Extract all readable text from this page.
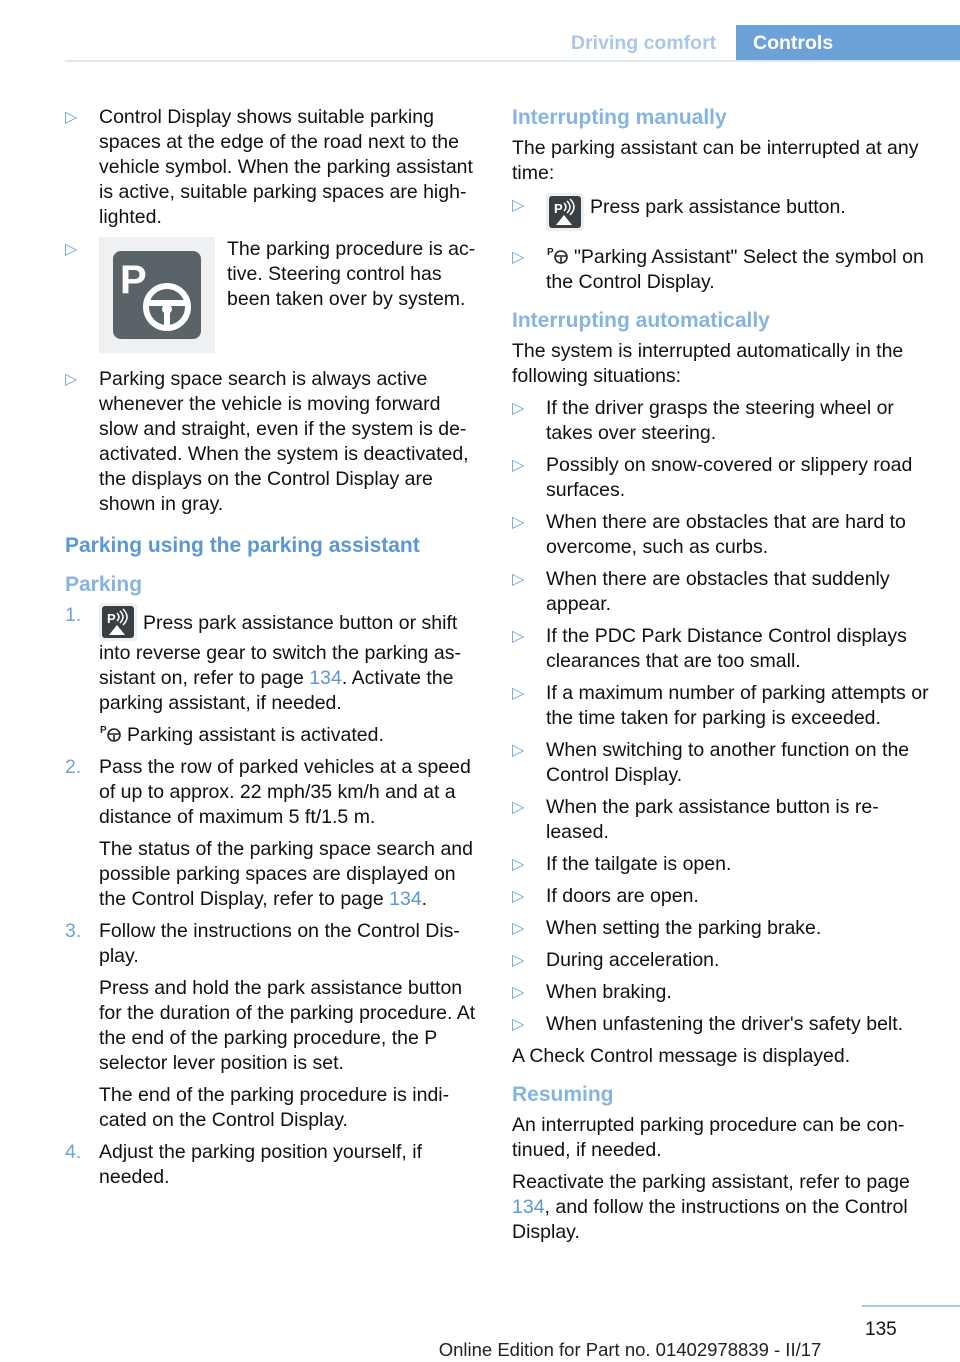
Driving comfort	Controls
▷	Control Display shows suitable parking spaces at the edge of the road next to the vehicle symbol. When the parking assistant is active, suitable parking spaces are high-lighted.
▷
P
The parking procedure is ac-tive. Steering control has been taken over by system.
▷	Parking space search is always active whenever the vehicle is moving forward slow and straight, even if the system is de-activated. When the system is deactivated, the displays on the Control Display are shown in gray.
Parking using the parking assistant
Parking
1.	P Press park assistance button or shift into reverse gear to switch the parking as-sistant on, refer to page 134. Activate the parking assistant, if needed.

P Parking assistant is activated.

2. Pass the row of parked vehicles at a speed of up to approx. 22 mph/35 km/h and at a distance of maximum 5 ft/1.5 m.

The status of the parking space search and possible parking spaces are displayed on the Control Display, refer to page 134.

3. Follow the instructions on the Control Dis-play.

Press and hold the park assistance button for the duration of the parking procedure. At the end of the parking procedure, the P selector lever position is set.

The end of the parking procedure is indi-cated on the Control Display.

4. Adjust the parking position yourself, if needed.

Interrupting manually
The parking assistant can be interrupted at any time:
▷	P Press park assistance button.
▷	P "Parking Assistant" Select the symbol on the Control Display.
Interrupting automatically
The system is interrupted automatically in the following situations:
▷	If the driver grasps the steering wheel or takes over steering.
▷	Possibly on snow-covered or slippery road surfaces.
▷	When there are obstacles that are hard to overcome, such as curbs.
▷	When there are obstacles that suddenly appear.
▷	If the PDC Park Distance Control displays clearances that are too small.
▷	If a maximum number of parking attempts or the time taken for parking is exceeded.
▷	When switching to another function on the Control Display.
▷	When the park assistance button is re-leased.
▷	If the tailgate is open.
▷	If doors are open.
▷	When setting the parking brake.
▷	During acceleration.
▷	When braking.
▷	When unfastening the driver's safety belt.
A Check Control message is displayed.
Resuming
An interrupted parking procedure can be con-tinued, if needed.
Reactivate the parking assistant, refer to page 134, and follow the instructions on the Control Display.
135
Online Edition for Part no. 01402978839 - II/17
